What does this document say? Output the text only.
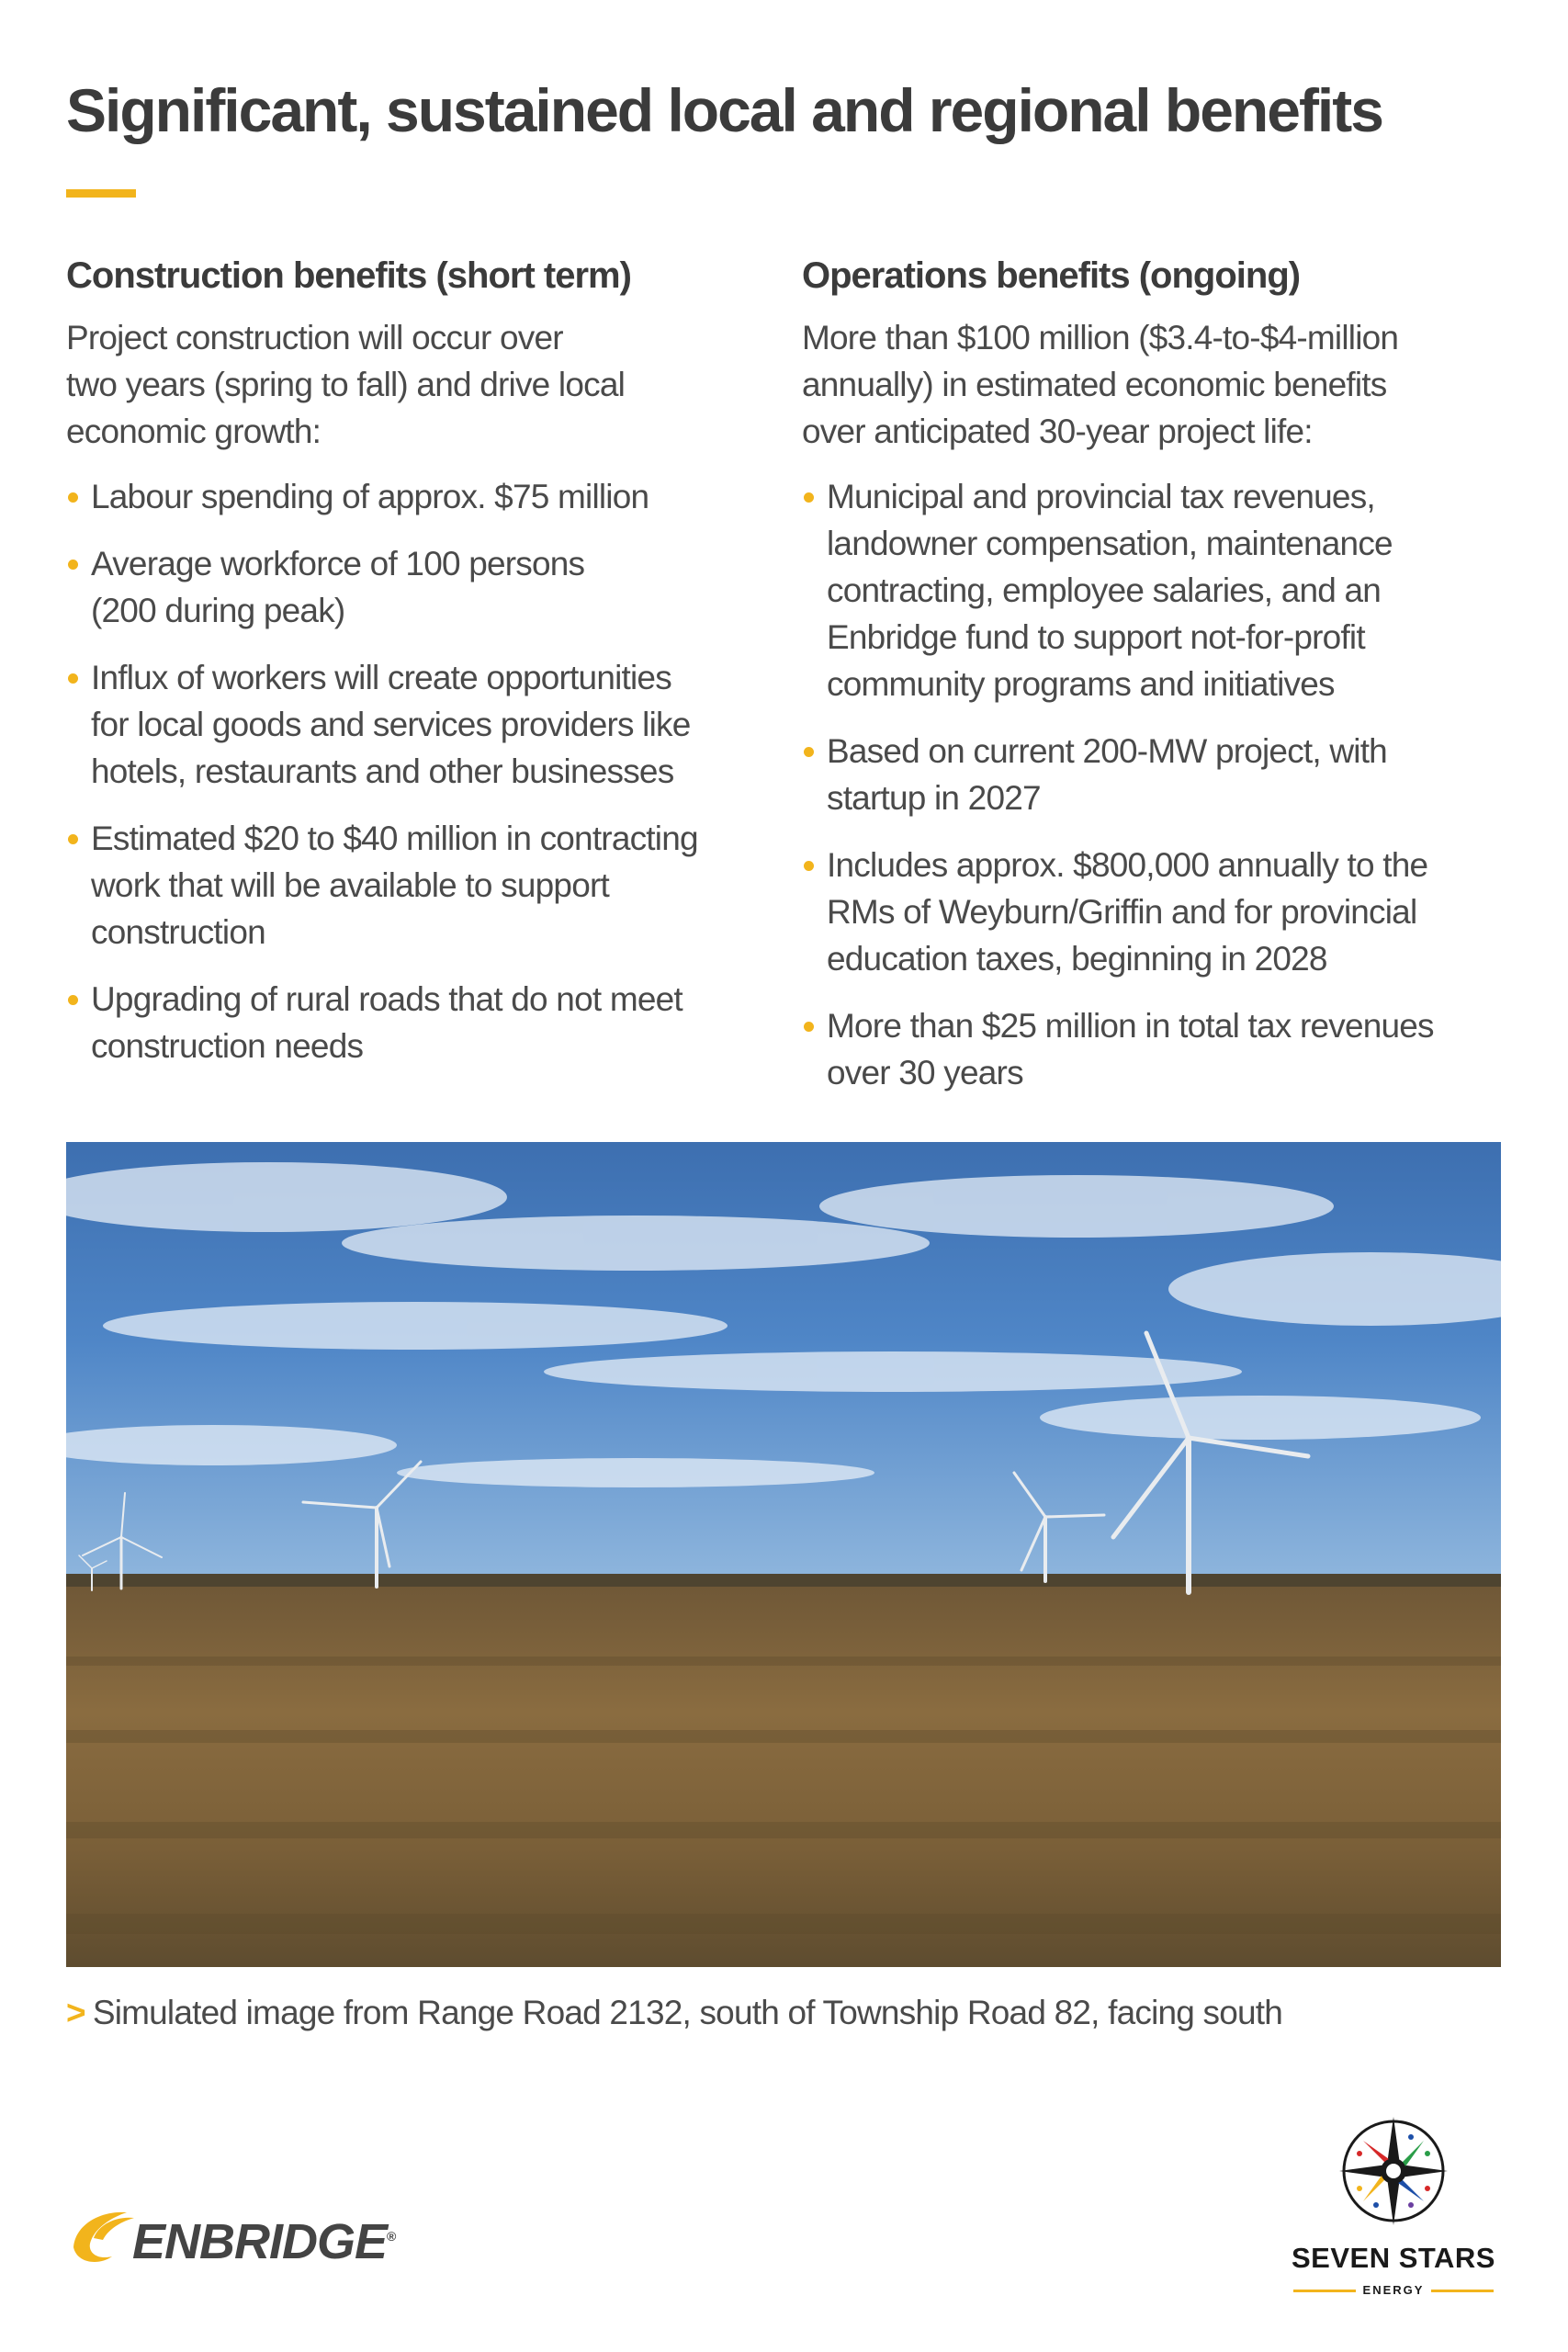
Significant, sustained local and regional benefits
Construction benefits (short term)

Project construction will occur over
two years (spring to fall) and drive local
economic growth:

Labour spending of approx. $75 million
Average workforce of 100 persons
(200 during peak)
Influx of workers will create opportunities
for local goods and services providers like
hotels, restaurants and other businesses
Estimated $20 to $40 million in contracting
work that will be available to support
construction
Upgrading of rural roads that do not meet
construction needs
Operations benefits (ongoing)

More than $100 million ($3.4-to-$4-million
annually) in estimated economic benefits
over anticipated 30-year project life:

Municipal and provincial tax revenues,
landowner compensation, maintenance
contracting, employee salaries, and an
Enbridge fund to support not-for-profit
community programs and initiatives
Based on current 200-MW project, with
startup in 2027
Includes approx. $800,000 annually to the
RMs of Weyburn/Griffin and for provincial
education taxes, beginning in 2028
More than $25 million in total tax revenues
over 30 years
> Simulated image from Range Road 2132, south of Township Road 82, facing south
ENBRIDGE®
SEVEN STARS
ENERGY
